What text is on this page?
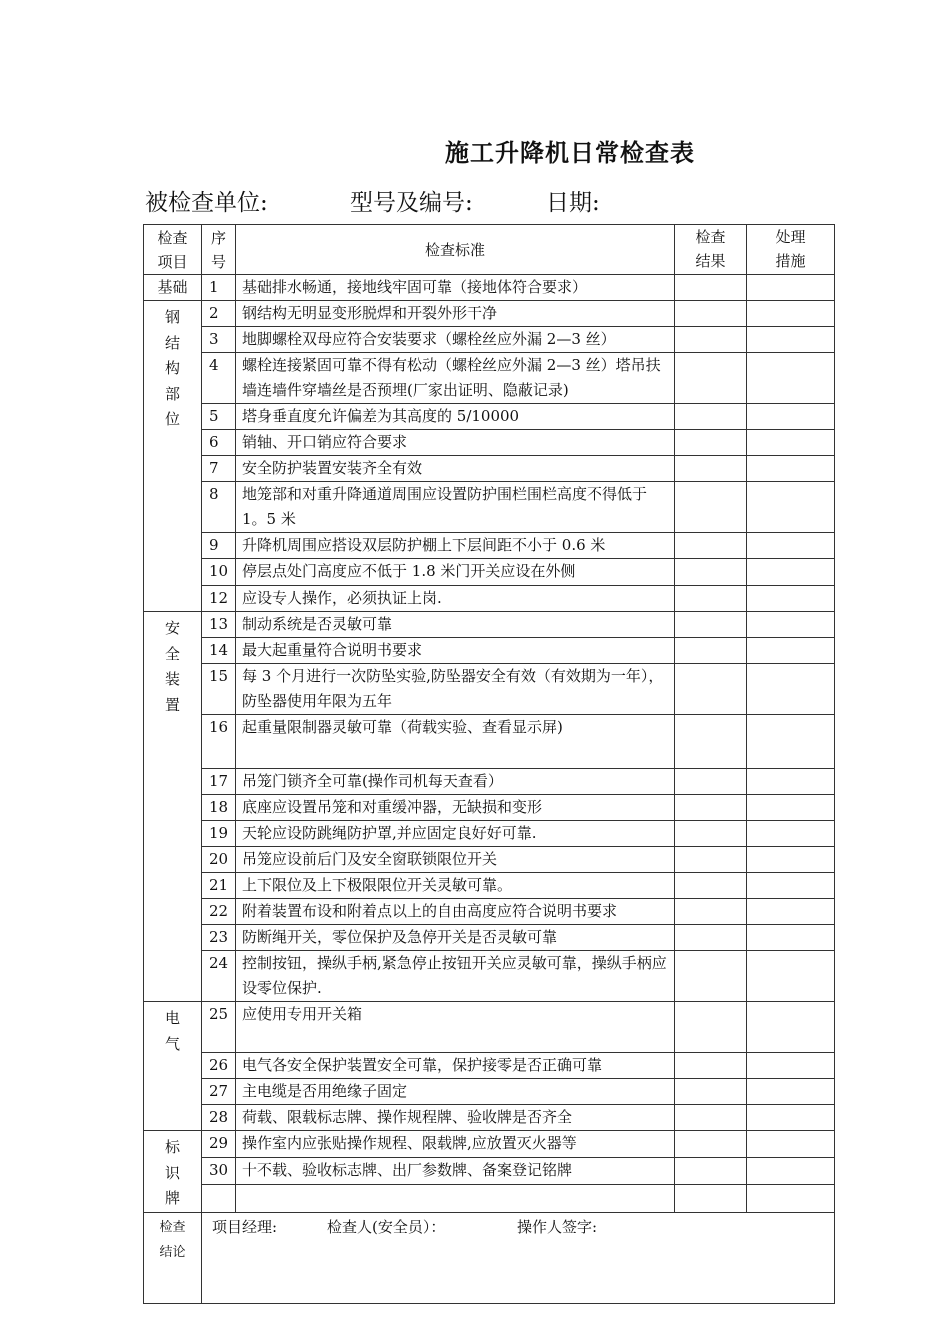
施工升降机日常检查表
被检查单位:	型号及编号:	日期:
检查项目	序号	检查标准	检查结果	处理措施

基础	1	基础排水畅通，接地线牢固可靠（接地体符合要求）		

钢结构部位	2	钢结构无明显变形脱焊和开裂外形干净		
	3	地脚螺栓双母应符合安装要求（螺栓丝应外漏 2—3 丝）		
	4	螺栓连接紧固可靠不得有松动（螺栓丝应外漏 2—3 丝）塔吊扶墙连墙件穿墙丝是否预埋(厂家出证明、隐蔽记录)		
	5	塔身垂直度允许偏差为其高度的 5/10000		
	6	销轴、开口销应符合要求		
	7	安全防护装置安装齐全有效		
	8	地笼部和对重升降通道周围应设置防护围栏围栏高度不得低于 1。5 米		
	9	升降机周围应搭设双层防护棚上下层间距不小于 0.6 米		
	10	停层点处门高度应不低于 1.8 米门开关应设在外侧		
	12	应设专人操作，必须执证上岗.		

安全装置	13	制动系统是否灵敏可靠		
	14	最大起重量符合说明书要求		
	15	每 3 个月进行一次防坠实验,防坠器安全有效（有效期为一年），防坠器使用年限为五年		
	16	起重量限制器灵敏可靠（荷载实验、查看显示屏)		
	17	吊笼门锁齐全可靠(操作司机每天查看）		
	18	底座应设置吊笼和对重缓冲器，无缺损和变形		
	19	天轮应设防跳绳防护罩,并应固定良好好可靠.		
	20	吊笼应设前后门及安全窗联锁限位开关		
	21	上下限位及上下极限限位开关灵敏可靠。		
	22	附着装置布设和附着点以上的自由高度应符合说明书要求		
	23	防断绳开关，零位保护及急停开关是否灵敏可靠		
	24	控制按钮，操纵手柄,紧急停止按钮开关应灵敏可靠，操纵手柄应设零位保护.		

电气	25	应使用专用开关箱		
	26	电气各安全保护装置安全可靠，保护接零是否正确可靠		
	27	主电缆是否用绝缘子固定		
	28	荷载、限载标志牌、操作规程牌、验收牌是否齐全		

标识牌	29	操作室内应张贴操作规程、限载牌,应放置灭火器等		
	30	十不载、验收标志牌、出厂参数牌、备案登记铭牌		

检查结论	项目经理: 检查人(安全员）： 操作人签字:			
